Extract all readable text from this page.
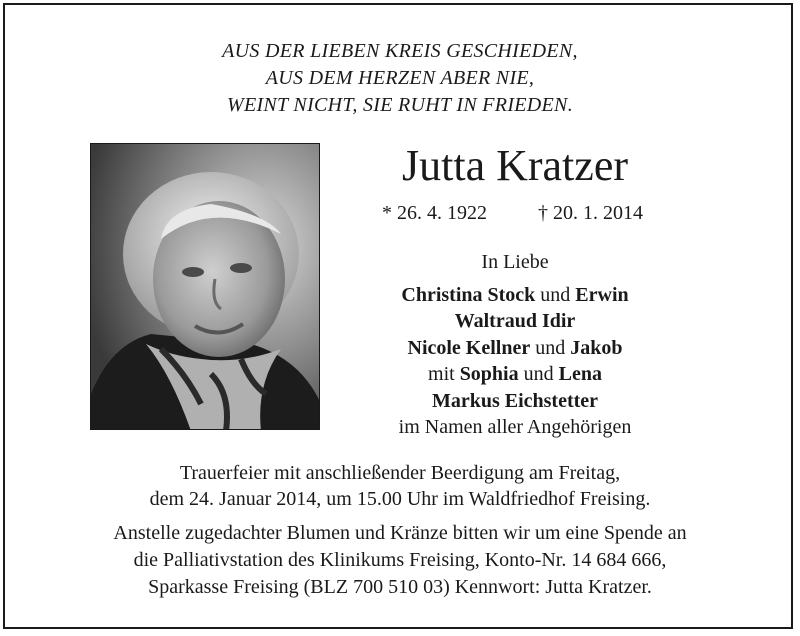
AUS DER LIEBEN KREIS GESCHIEDEN,
AUS DEM HERZEN ABER NIE,
WEINT NICHT, SIE RUHT IN FRIEDEN.
Jutta Kratzer
* 26. 4. 1922	† 20. 1. 2014
In Liebe
Christina Stock und Erwin
Waltraud Idir
Nicole Kellner und Jakob
mit Sophia und Lena
Markus Eichstetter
im Namen aller Angehörigen
Trauerfeier mit anschließender Beerdigung am Freitag,
dem 24. Januar 2014, um 15.00 Uhr im Waldfriedhof Freising.
Anstelle zugedachter Blumen und Kränze bitten wir um eine Spende an
die Palliativstation des Klinikums Freising, Konto-Nr. 14 684 666,
Sparkasse Freising (BLZ 700 510 03) Kennwort: Jutta Kratzer.
